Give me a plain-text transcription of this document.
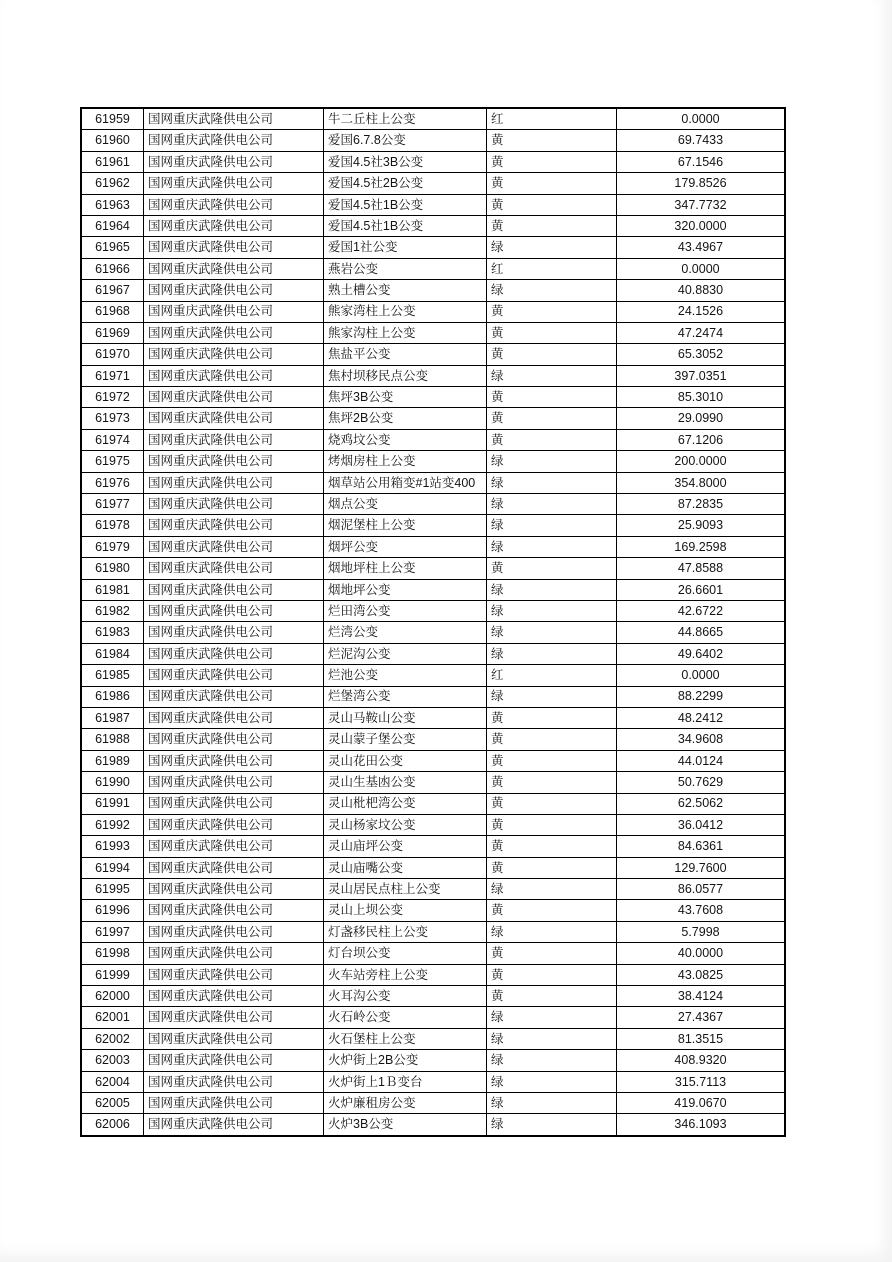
61959	国网重庆武隆供电公司	牛二丘柱上公变	红	0.0000
61960	国网重庆武隆供电公司	爱国6.7.8公变	黄	69.7433
61961	国网重庆武隆供电公司	爱国4.5社3B公变	黄	67.1546
61962	国网重庆武隆供电公司	爱国4.5社2B公变	黄	179.8526
61963	国网重庆武隆供电公司	爱国4.5社1B公变	黄	347.7732
61964	国网重庆武隆供电公司	爱国4.5社1B公变	黄	320.0000
61965	国网重庆武隆供电公司	爱国1社公变	绿	43.4967
61966	国网重庆武隆供电公司	燕岩公变	红	0.0000
61967	国网重庆武隆供电公司	熟土槽公变	绿	40.8830
61968	国网重庆武隆供电公司	熊家湾柱上公变	黄	24.1526
61969	国网重庆武隆供电公司	熊家沟柱上公变	黄	47.2474
61970	国网重庆武隆供电公司	焦盐平公变	黄	65.3052
61971	国网重庆武隆供电公司	焦村坝移民点公变	绿	397.0351
61972	国网重庆武隆供电公司	焦坪3B公变	黄	85.3010
61973	国网重庆武隆供电公司	焦坪2B公变	黄	29.0990
61974	国网重庆武隆供电公司	烧鸡坟公变	黄	67.1206
61975	国网重庆武隆供电公司	烤烟房柱上公变	绿	200.0000
61976	国网重庆武隆供电公司	烟草站公用箱变#1站变400	绿	354.8000
61977	国网重庆武隆供电公司	烟点公变	绿	87.2835
61978	国网重庆武隆供电公司	烟泥堡柱上公变	绿	25.9093
61979	国网重庆武隆供电公司	烟坪公变	绿	169.2598
61980	国网重庆武隆供电公司	烟地坪柱上公变	黄	47.8588
61981	国网重庆武隆供电公司	烟地坪公变	绿	26.6601
61982	国网重庆武隆供电公司	烂田湾公变	绿	42.6722
61983	国网重庆武隆供电公司	烂湾公变	绿	44.8665
61984	国网重庆武隆供电公司	烂泥沟公变	绿	49.6402
61985	国网重庆武隆供电公司	烂池公变	红	0.0000
61986	国网重庆武隆供电公司	烂堡湾公变	绿	88.2299
61987	国网重庆武隆供电公司	灵山马鞍山公变	黄	48.2412
61988	国网重庆武隆供电公司	灵山蒙子堡公变	黄	34.9608
61989	国网重庆武隆供电公司	灵山花田公变	黄	44.0124
61990	国网重庆武隆供电公司	灵山生基凼公变	黄	50.7629
61991	国网重庆武隆供电公司	灵山枇杷湾公变	黄	62.5062
61992	国网重庆武隆供电公司	灵山杨家坟公变	黄	36.0412
61993	国网重庆武隆供电公司	灵山庙坪公变	黄	84.6361
61994	国网重庆武隆供电公司	灵山庙嘴公变	黄	129.7600
61995	国网重庆武隆供电公司	灵山居民点柱上公变	绿	86.0577
61996	国网重庆武隆供电公司	灵山上坝公变	黄	43.7608
61997	国网重庆武隆供电公司	灯盏移民柱上公变	绿	5.7998
61998	国网重庆武隆供电公司	灯台坝公变	黄	40.0000
61999	国网重庆武隆供电公司	火车站旁柱上公变	黄	43.0825
62000	国网重庆武隆供电公司	火耳沟公变	黄	38.4124
62001	国网重庆武隆供电公司	火石岭公变	绿	27.4367
62002	国网重庆武隆供电公司	火石堡柱上公变	绿	81.3515
62003	国网重庆武隆供电公司	火炉街上2B公变	绿	408.9320
62004	国网重庆武隆供电公司	火炉街上1Ｂ变台	绿	315.7113
62005	国网重庆武隆供电公司	火炉廉租房公变	绿	419.0670
62006	国网重庆武隆供电公司	火炉3B公变	绿	346.1093
